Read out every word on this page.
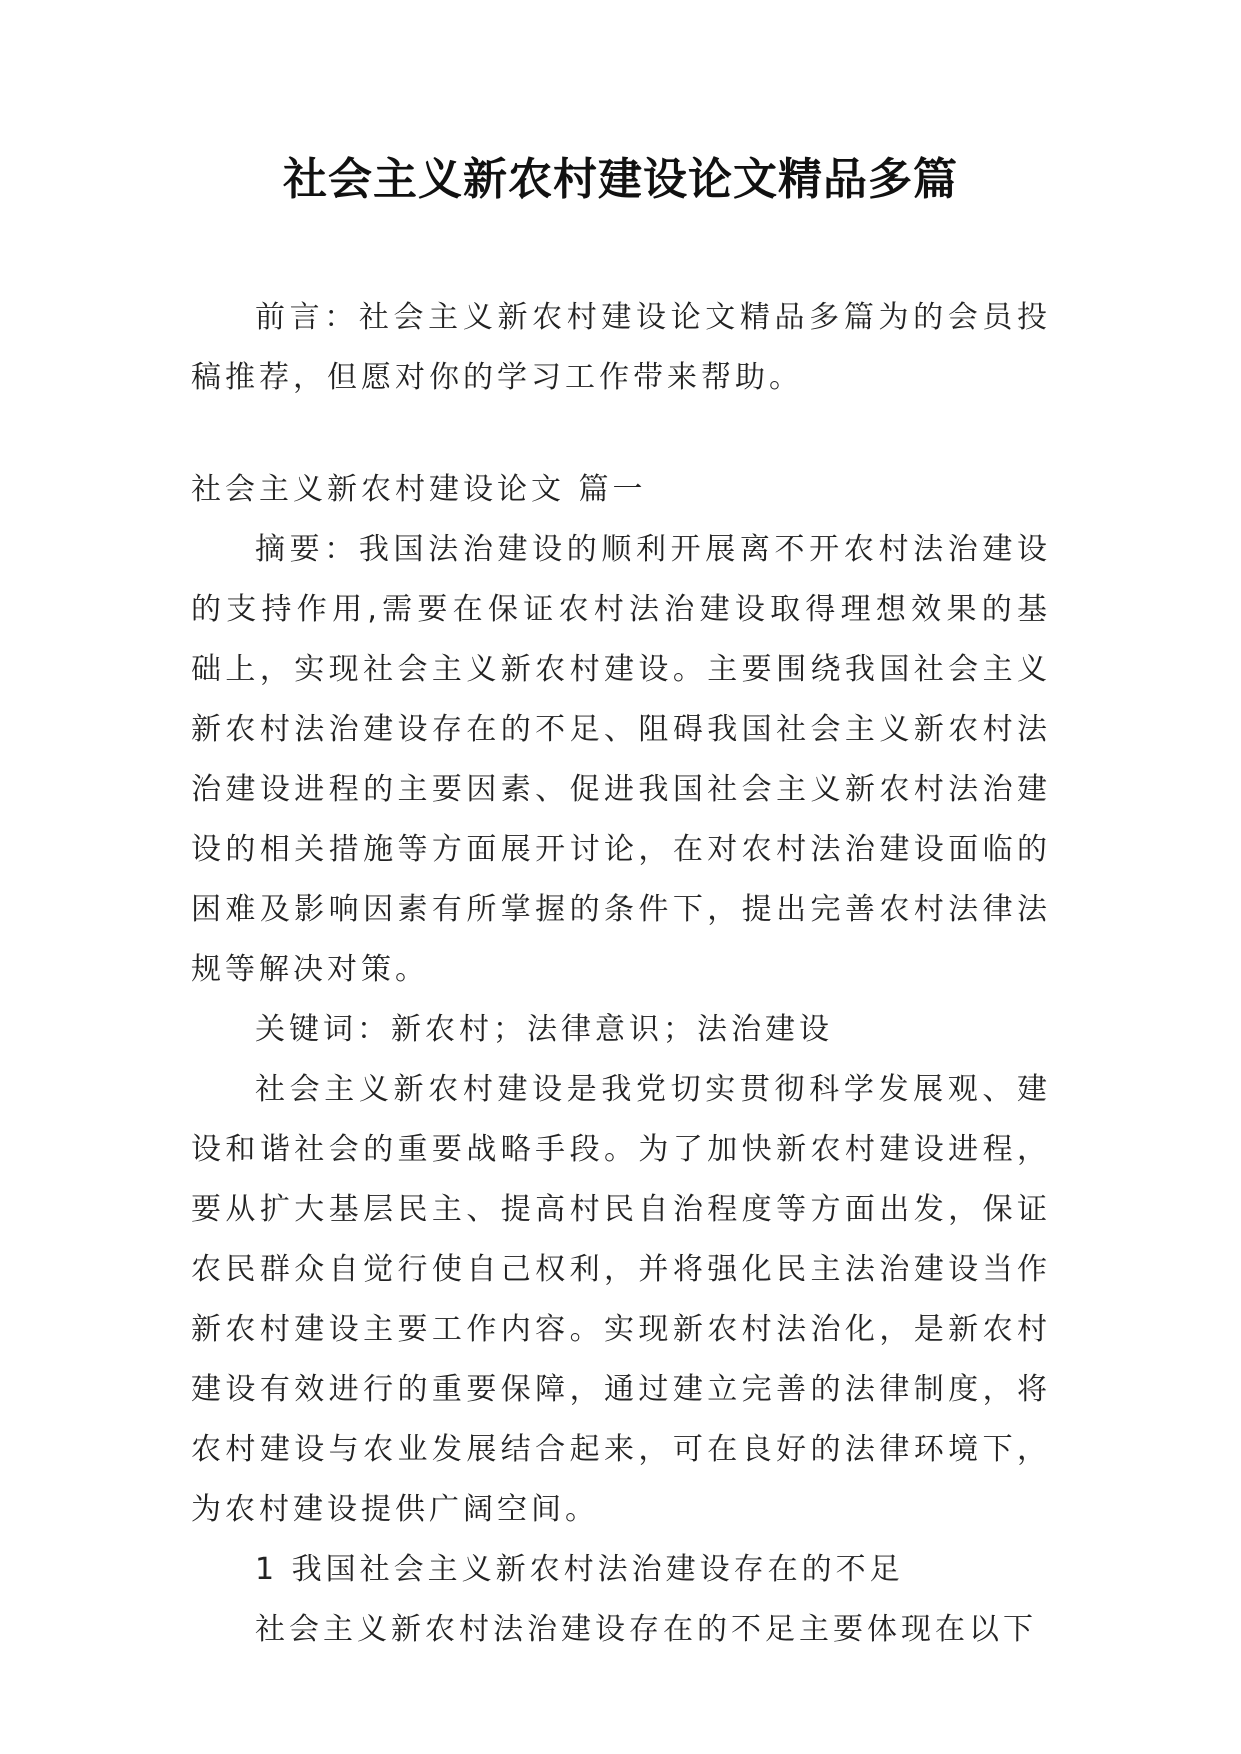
社会主义新农村建设论文精品多篇

前言：社会主义新农村建设论文精品多篇为的会员投稿推荐，但愿对你的学习工作带来帮助。

社会主义新农村建设论文 篇一

摘要：我国法治建设的顺利开展离不开农村法治建设的支持作用,需要在保证农村法治建设取得理想效果的基础上，实现社会主义新农村建设。主要围绕我国社会主义新农村法治建设存在的不足、阻碍我国社会主义新农村法治建设进程的主要因素、促进我国社会主义新农村法治建设的相关措施等方面展开讨论，在对农村法治建设面临的困难及影响因素有所掌握的条件下，提出完善农村法律法规等解决对策。

关键词：新农村；法律意识；法治建设

社会主义新农村建设是我党切实贯彻科学发展观、建设和谐社会的重要战略手段。为了加快新农村建设进程，要从扩大基层民主、提高村民自治程度等方面出发，保证农民群众自觉行使自己权利，并将强化民主法治建设当作新农村建设主要工作内容。实现新农村法治化，是新农村建设有效进行的重要保障，通过建立完善的法律制度，将农村建设与农业发展结合起来，可在良好的法律环境下，为农村建设提供广阔空间。

1 我国社会主义新农村法治建设存在的不足

社会主义新农村法治建设存在的不足主要体现在以下
